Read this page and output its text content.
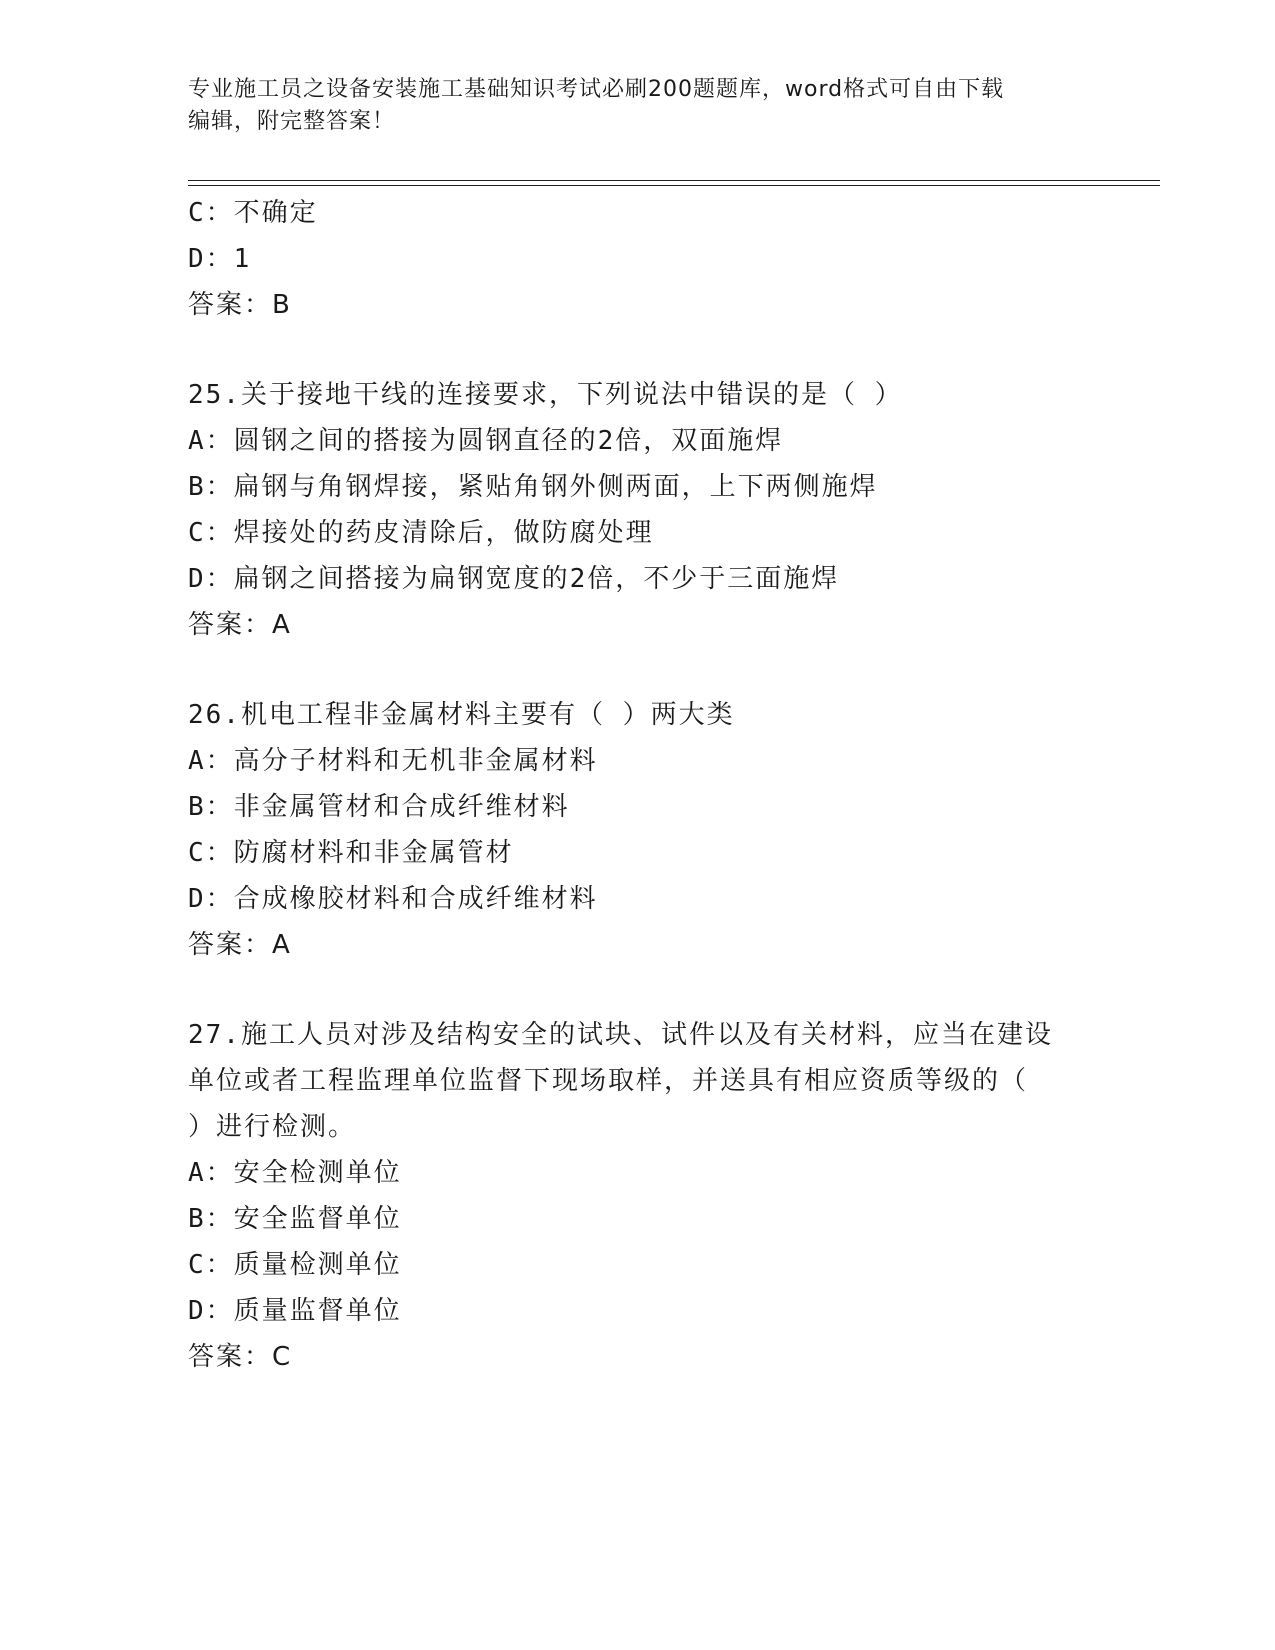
专业施工员之设备安装施工基础知识考试必刷200题题库，word格式可自由下载
编辑，附完整答案！
C：不确定
D：1
答案：B
25.关于接地干线的连接要求，下列说法中错误的是（ ）
A：圆钢之间的搭接为圆钢直径的2倍，双面施焊
B：扁钢与角钢焊接，紧贴角钢外侧两面，上下两侧施焊
C：焊接处的药皮清除后，做防腐处理
D：扁钢之间搭接为扁钢宽度的2倍，不少于三面施焊
答案：A
26.机电工程非金属材料主要有（ ）两大类
A：高分子材料和无机非金属材料
B：非金属管材和合成纤维材料
C：防腐材料和非金属管材
D：合成橡胶材料和合成纤维材料
答案：A
27.施工人员对涉及结构安全的试块、试件以及有关材料，应当在建设
单位或者工程监理单位监督下现场取样，并送具有相应资质等级的（
）进行检测。
A：安全检测单位
B：安全监督单位
C：质量检测单位
D：质量监督单位
答案：C
